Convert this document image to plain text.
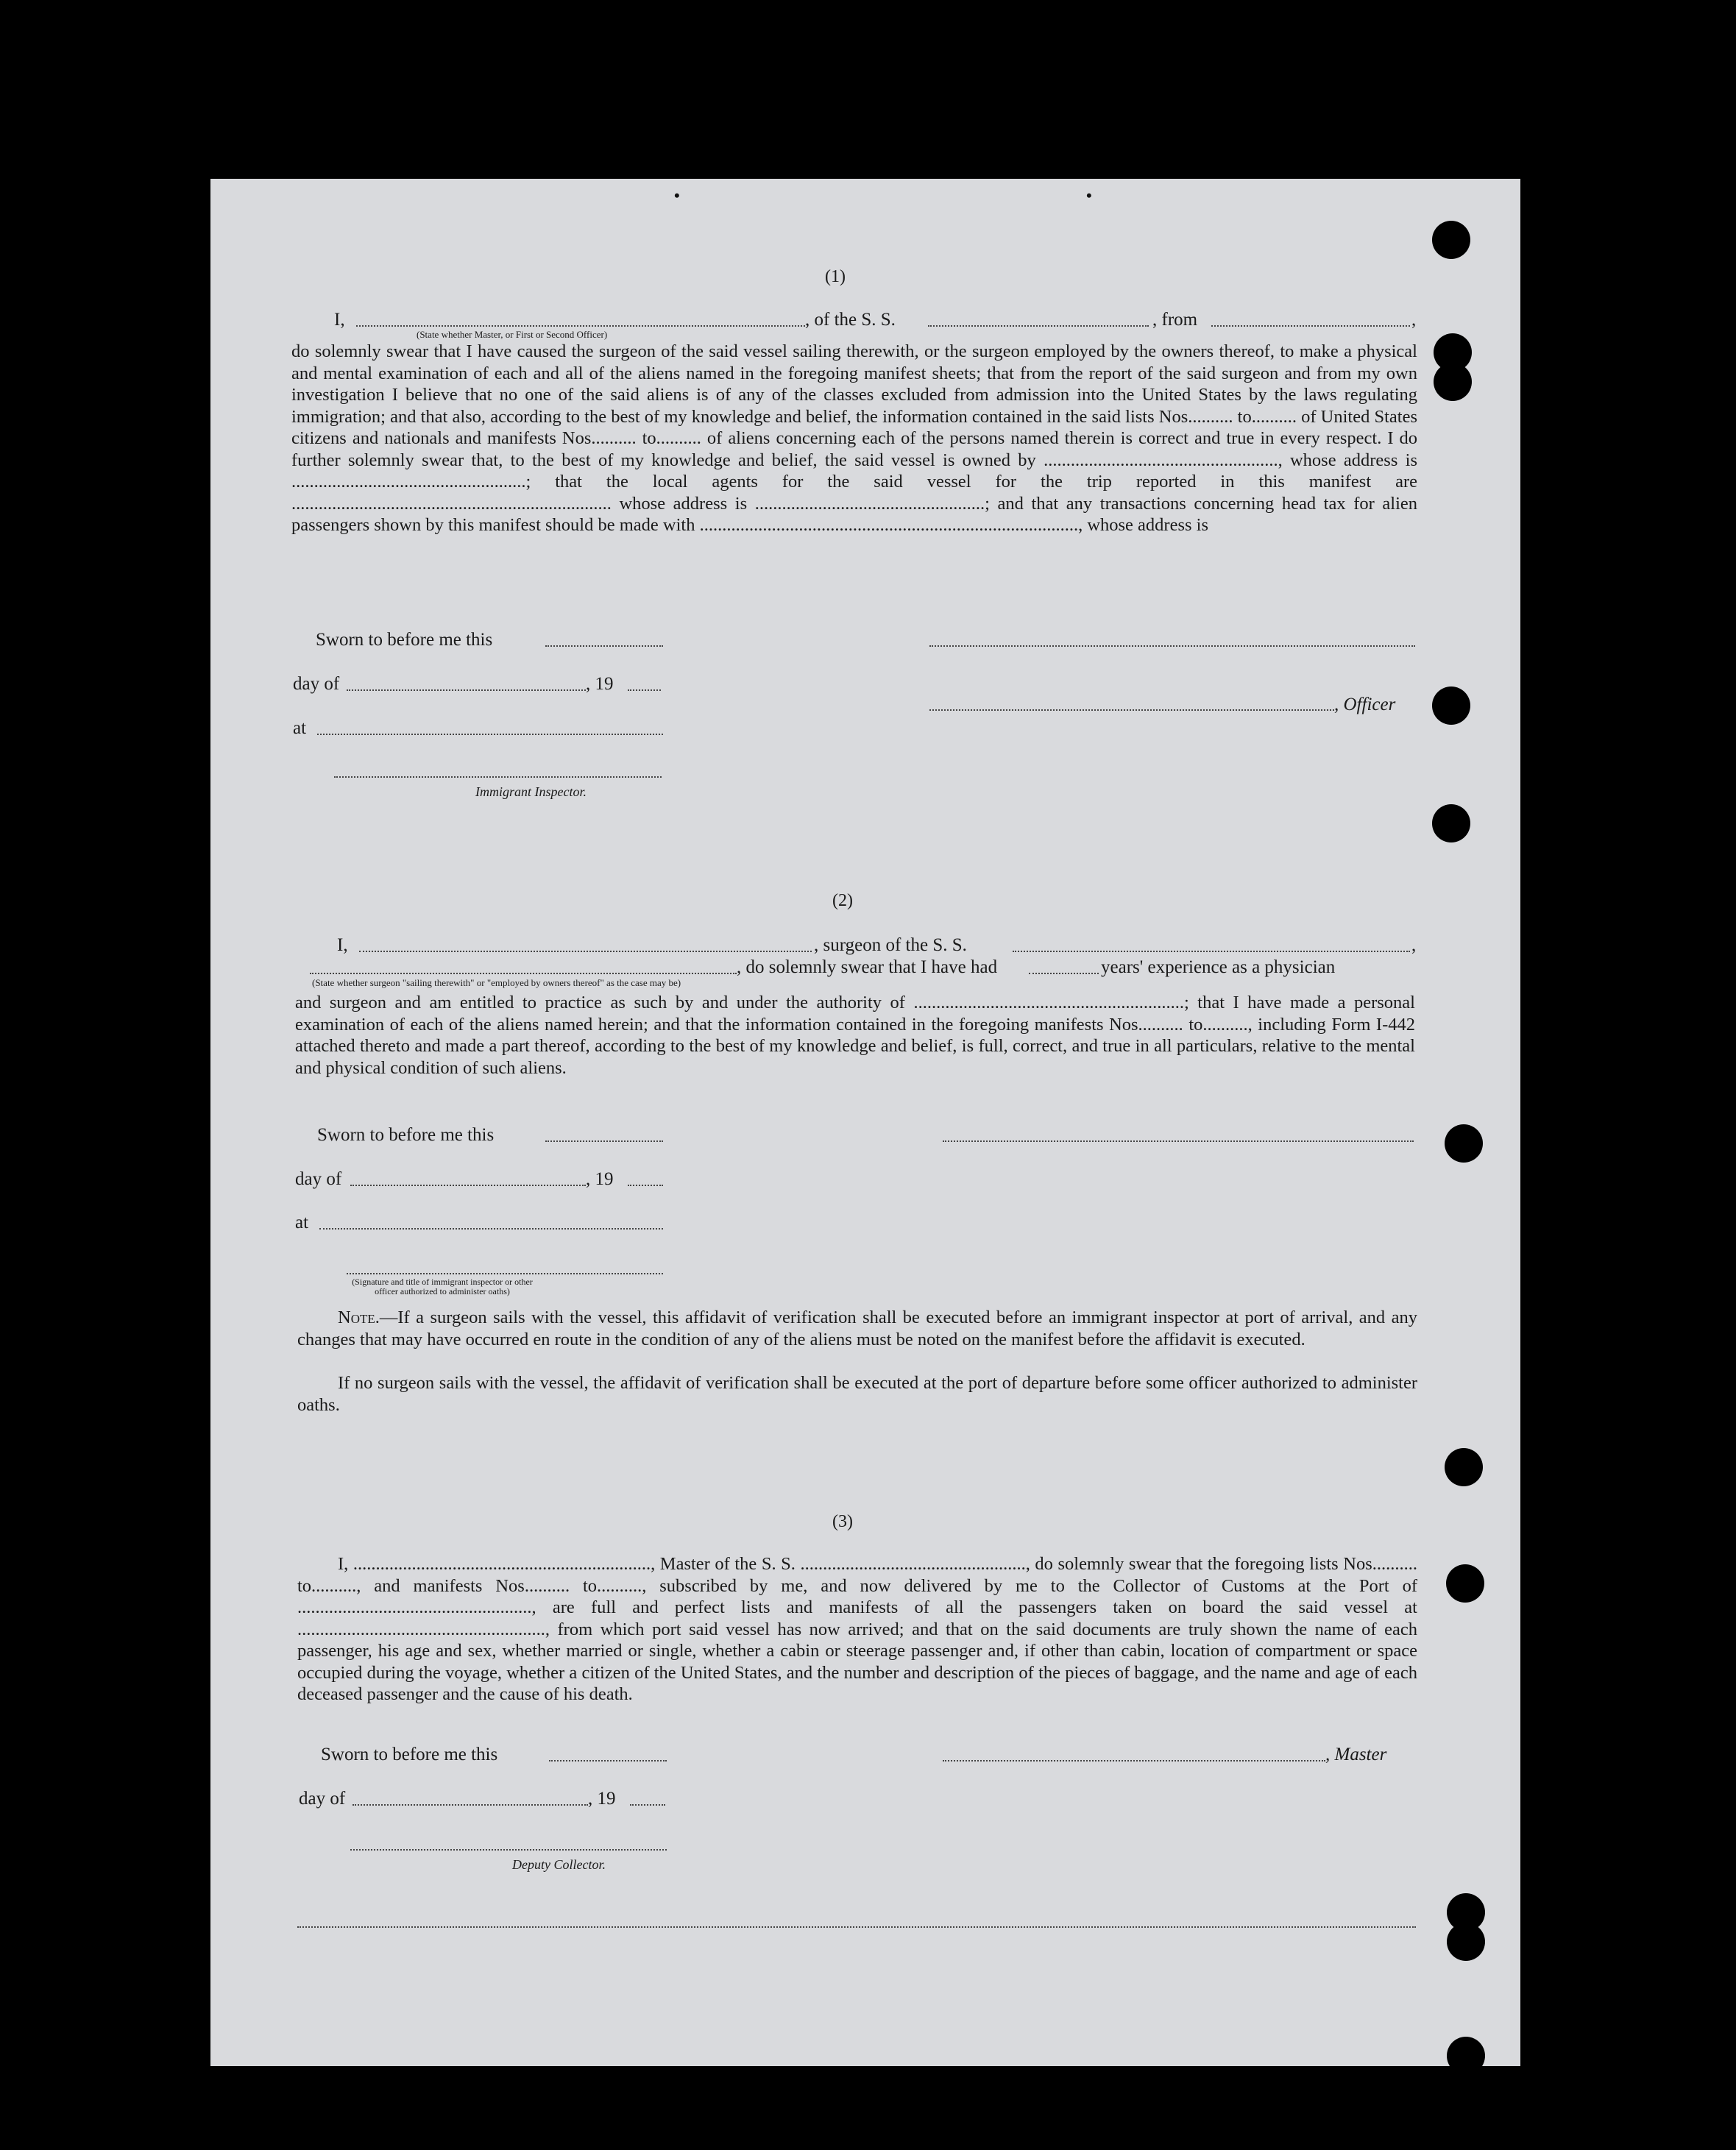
•	•
(1)
I,	, of the S. S.	, from	,
(State whether Master, or First or Second Officer)
do solemnly swear that I have caused the surgeon of the said vessel sailing therewith, or the surgeon employed by the owners thereof, to make a physical and mental examination of each and all of the aliens named in the foregoing manifest sheets; that from the report of the said surgeon and from my own investigation I believe that no one of the said aliens is of any of the classes excluded from admission into the United States by the laws regulating immigration; and that also, according to the best of my knowledge and belief, the information contained in the said lists Nos.......... to.......... of United States citizens and nationals and manifests Nos.......... to.......... of aliens concerning each of the persons named therein is correct and true in every respect. I do further solemnly swear that, to the best of my knowledge and belief, the said vessel is owned by ...................................................., whose address is ....................................................; that the local agents for the said vessel for the trip reported in this manifest are ....................................................................... whose address is ...................................................; and that any transactions concerning head tax for alien passengers shown by this manifest should be made with ...................................................................................., whose address is
Sworn to before me this
day of	, 19
, Officer
at
Immigrant Inspector.
(2)
I,	, surgeon of the S. S.	,
, do solemnly swear that I have had	years' experience as a physician
(State whether surgeon "sailing therewith" or "employed by owners thereof" as the case may be)
and surgeon and am entitled to practice as such by and under the authority of ............................................................; that I have made a personal examination of each of the aliens named herein; and that the information contained in the foregoing manifests Nos.......... to.........., including Form I-442 attached thereto and made a part thereof, according to the best of my knowledge and belief, is full, correct, and true in all particulars, relative to the mental and physical condition of such aliens.
Sworn to before me this
day of	, 19
at
(Signature and title of immigrant inspector or other officer authorized to administer oaths)
Note.—If a surgeon sails with the vessel, this affidavit of verification shall be executed before an immigrant inspector at port of arrival, and any changes that may have occurred en route in the condition of any of the aliens must be noted on the manifest before the affidavit is executed.
If no surgeon sails with the vessel, the affidavit of verification shall be executed at the port of departure before some officer authorized to administer oaths.
(3)
I, .................................................................., Master of the S. S. .................................................., do solemnly swear that the foregoing lists Nos.......... to.........., and manifests Nos.......... to.........., subscribed by me, and now delivered by me to the Collector of Customs at the Port of ...................................................., are full and perfect lists and manifests of all the passengers taken on board the said vessel at ......................................................., from which port said vessel has now arrived; and that on the said documents are truly shown the name of each passenger, his age and sex, whether married or single, whether a cabin or steerage passenger and, if other than cabin, location of compartment or space occupied during the voyage, whether a citizen of the United States, and the number and description of the pieces of baggage, and the name and age of each deceased passenger and the cause of his death.
Sworn to before me this	, Master
day of	, 19
Deputy Collector.
